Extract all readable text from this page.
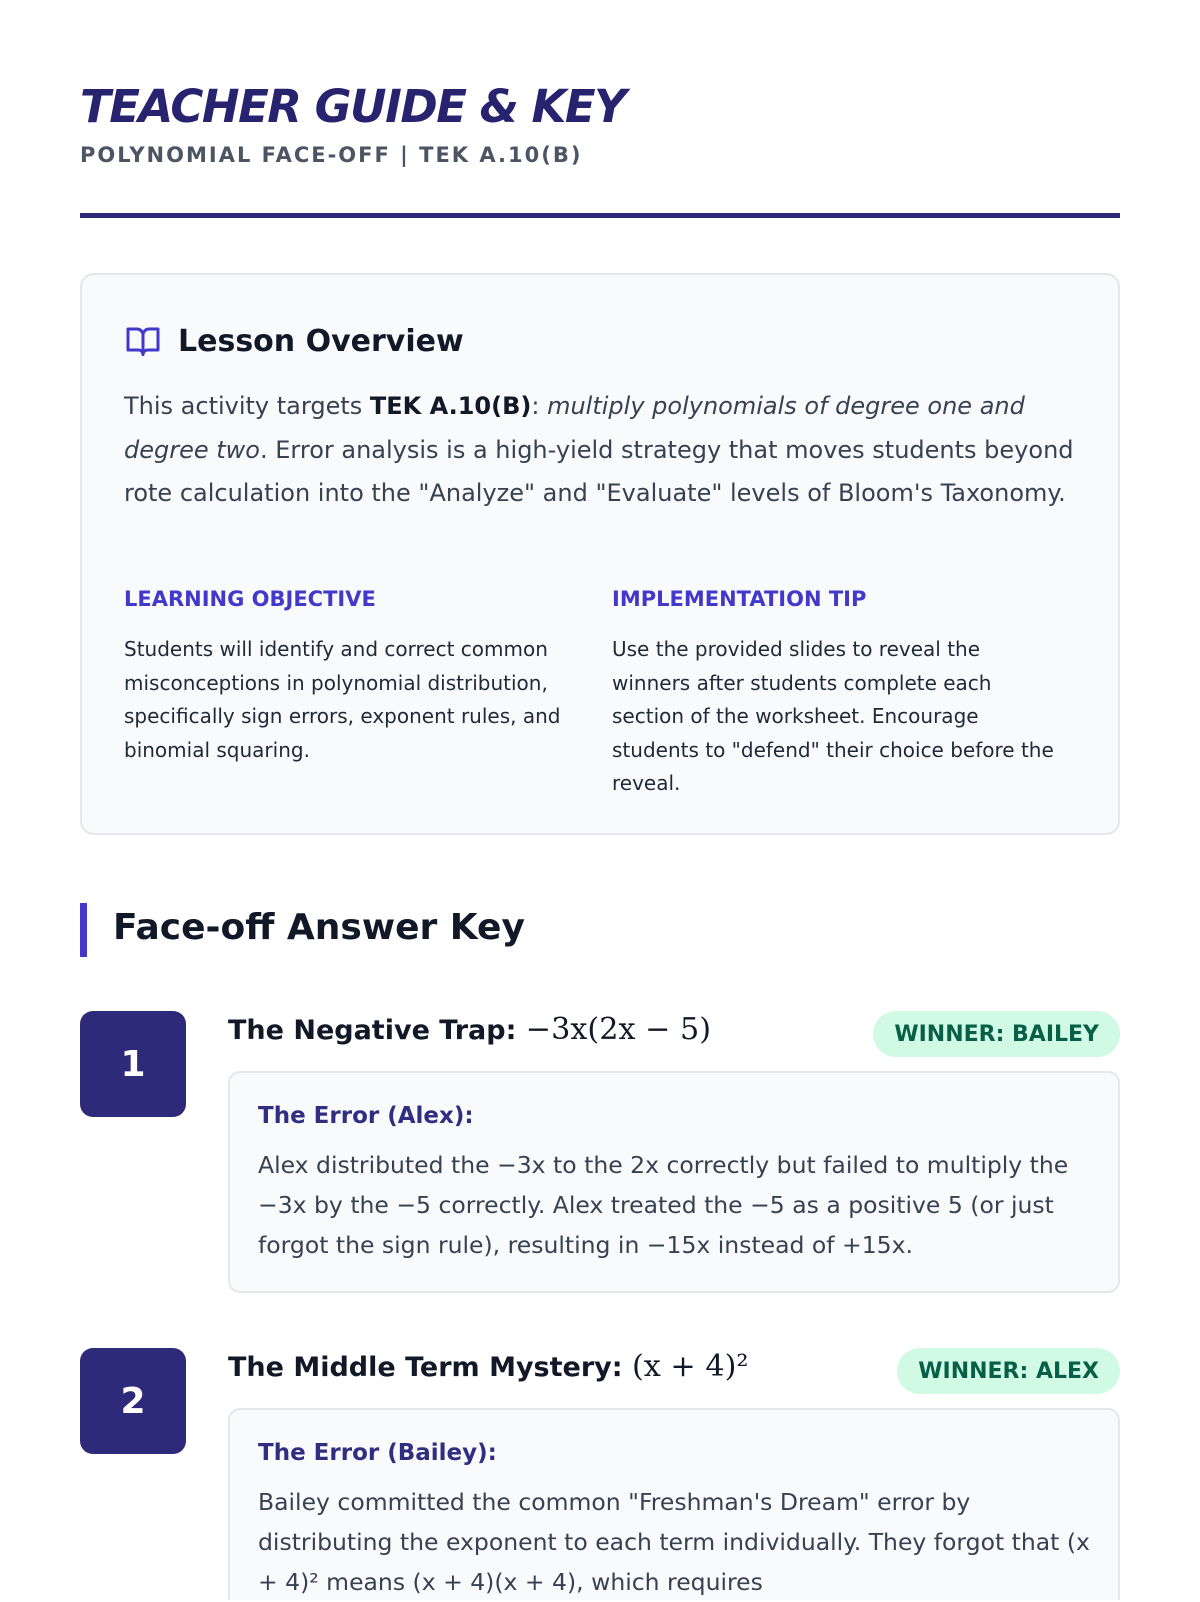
TEACHER GUIDE & KEY
POLYNOMIAL FACE-OFF | TEK A.10(B)
Lesson Overview

This activity targets TEK A.10(B): multiply polynomials of degree one and degree two. Error analysis is a high-yield strategy that moves students beyond rote calculation into the "Analyze" and "Evaluate" levels of Bloom's Taxonomy.

LEARNING OBJECTIVE
Students will identify and correct common misconceptions in polynomial distribution, specifically sign errors, exponent rules, and binomial squaring.
IMPLEMENTATION TIP
Use the provided slides to reveal the winners after students complete each section of the worksheet. Encourage students to "defend" their choice before the reveal.
Face-off Answer Key
1
The Negative Trap: −3x(2x − 5)	WINNER: BAILEY
The Error (Alex):
Alex distributed the −3x to the 2x correctly but failed to multiply the −3x by the −5 correctly. Alex treated the −5 as a positive 5 (or just forgot the sign rule), resulting in −15x instead of +15x.
2
The Middle Term Mystery: (x + 4)²	WINNER: ALEX
The Error (Bailey):
Bailey committed the common "Freshman's Dream" error by distributing the exponent to each term individually. They forgot that (x + 4)² means (x + 4)(x + 4), which requires
